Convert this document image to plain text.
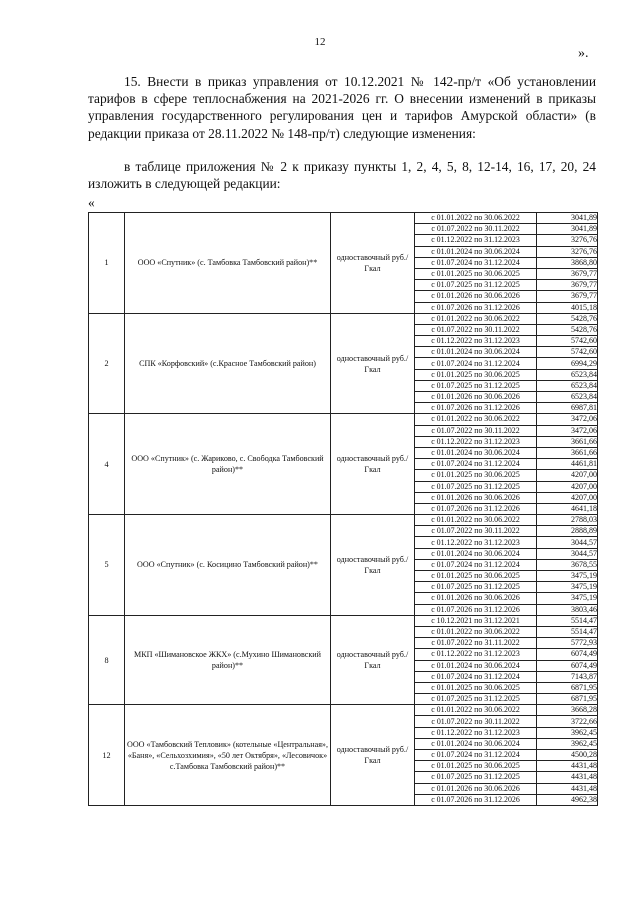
12
».

15. Внести в приказ управления от 10.12.2021 № 142-пр/т «Об установлении тарифов в сфере теплоснабжения на 2021-2026 гг. О внесении изменений в приказы управления государственного регулирования цен и тарифов Амурской области» (в редакции приказа от 28.11.2022 № 148-пр/т) следующие изменения:

в таблице приложения № 2 к приказу пункты 1, 2, 4, 5, 8, 12-14, 16, 17, 20, 24 изложить в следующей редакции:

«
1	ООО «Спутник» (с. Тамбовка Тамбовский район)**	одноставочный руб./Гкал	с 01.01.2022 по 30.06.2022	3041,89
			с 01.07.2022 по 30.11.2022	3041,89
			с 01.12.2022 по 31.12.2023	3276,76
			с 01.01.2024 по 30.06.2024	3276,76
			с 01.07.2024 по 31.12.2024	3868,80
			с 01.01.2025 по 30.06.2025	3679,77
			с 01.07.2025 по 31.12.2025	3679,77
			с 01.01.2026 по 30.06.2026	3679,77
			с 01.07.2026 по 31.12.2026	4015,18
2	СПК «Корфовский» (с.Красное Тамбовский район)	одноставочный руб./Гкал	с 01.01.2022 по 30.06.2022	5428,76
			с 01.07.2022 по 30.11.2022	5428,76
			с 01.12.2022 по 31.12.2023	5742,60
			с 01.01.2024 по 30.06.2024	5742,60
			с 01.07.2024 по 31.12.2024	6994,29
			с 01.01.2025 по 30.06.2025	6523,84
			с 01.07.2025 по 31.12.2025	6523,84
			с 01.01.2026 по 30.06.2026	6523,84
			с 01.07.2026 по 31.12.2026	6987,81
4	ООО «Спутник» (с. Жариково, с. Свободка Тамбовский район)**	одноставочный руб./Гкал	с 01.01.2022 по 30.06.2022	3472,06
			с 01.07.2022 по 30.11.2022	3472,06
			с 01.12.2022 по 31.12.2023	3661,66
			с 01.01.2024 по 30.06.2024	3661,66
			с 01.07.2024 по 31.12.2024	4461,81
			с 01.01.2025 по 30.06.2025	4207,00
			с 01.07.2025 по 31.12.2025	4207,00
			с 01.01.2026 по 30.06.2026	4207,00
			с 01.07.2026 по 31.12.2026	4641,18
5	ООО «Спутник» (с. Косицино Тамбовский район)**	одноставочный руб./Гкал	с 01.01.2022 по 30.06.2022	2788,03
			с 01.07.2022 по 30.11.2022	2888,89
			с 01.12.2022 по 31.12.2023	3044,57
			с 01.01.2024 по 30.06.2024	3044,57
			с 01.07.2024 по 31.12.2024	3678,55
			с 01.01.2025 по 30.06.2025	3475,19
			с 01.07.2025 по 31.12.2025	3475,19
			с 01.01.2026 по 30.06.2026	3475,19
			с 01.07.2026 по 31.12.2026	3803,46
8	МКП «Шимановское ЖКХ» (с.Мухино Шимановский район)**	одноставочный руб./Гкал	с 10.12.2021 по 31.12.2021	5514,47
			с 01.01.2022 по 30.06.2022	5514,47
			с 01.07.2022 по 31.11.2022	5772,93
			с 01.12.2022 по 31.12.2023	6074,49
			с 01.01.2024 по 30.06.2024	6074,49
			с 01.07.2024 по 31.12.2024	7143,87
			с 01.01.2025 по 30.06.2025	6871,95
			с 01.07.2025 по 31.12.2025	6871,95
12	ООО «Тамбовский Тепловик» (котельные «Центральная», «Баня», «Сельхозхимия», «50 лет Октября», «Лесовичок» с.Тамбовка Тамбовский район)**	одноставочный руб./Гкал	с 01.01.2022 по 30.06.2022	3668,28
			с 01.07.2022 по 30.11.2022	3722,66
			с 01.12.2022 по 31.12.2023	3962,45
			с 01.01.2024 по 30.06.2024	3962,45
			с 01.07.2024 по 31.12.2024	4500,28
			с 01.01.2025 по 30.06.2025	4431,48
			с 01.07.2025 по 31.12.2025	4431,48
			с 01.01.2026 по 30.06.2026	4431,48
			с 01.07.2026 по 31.12.2026	4962,38
